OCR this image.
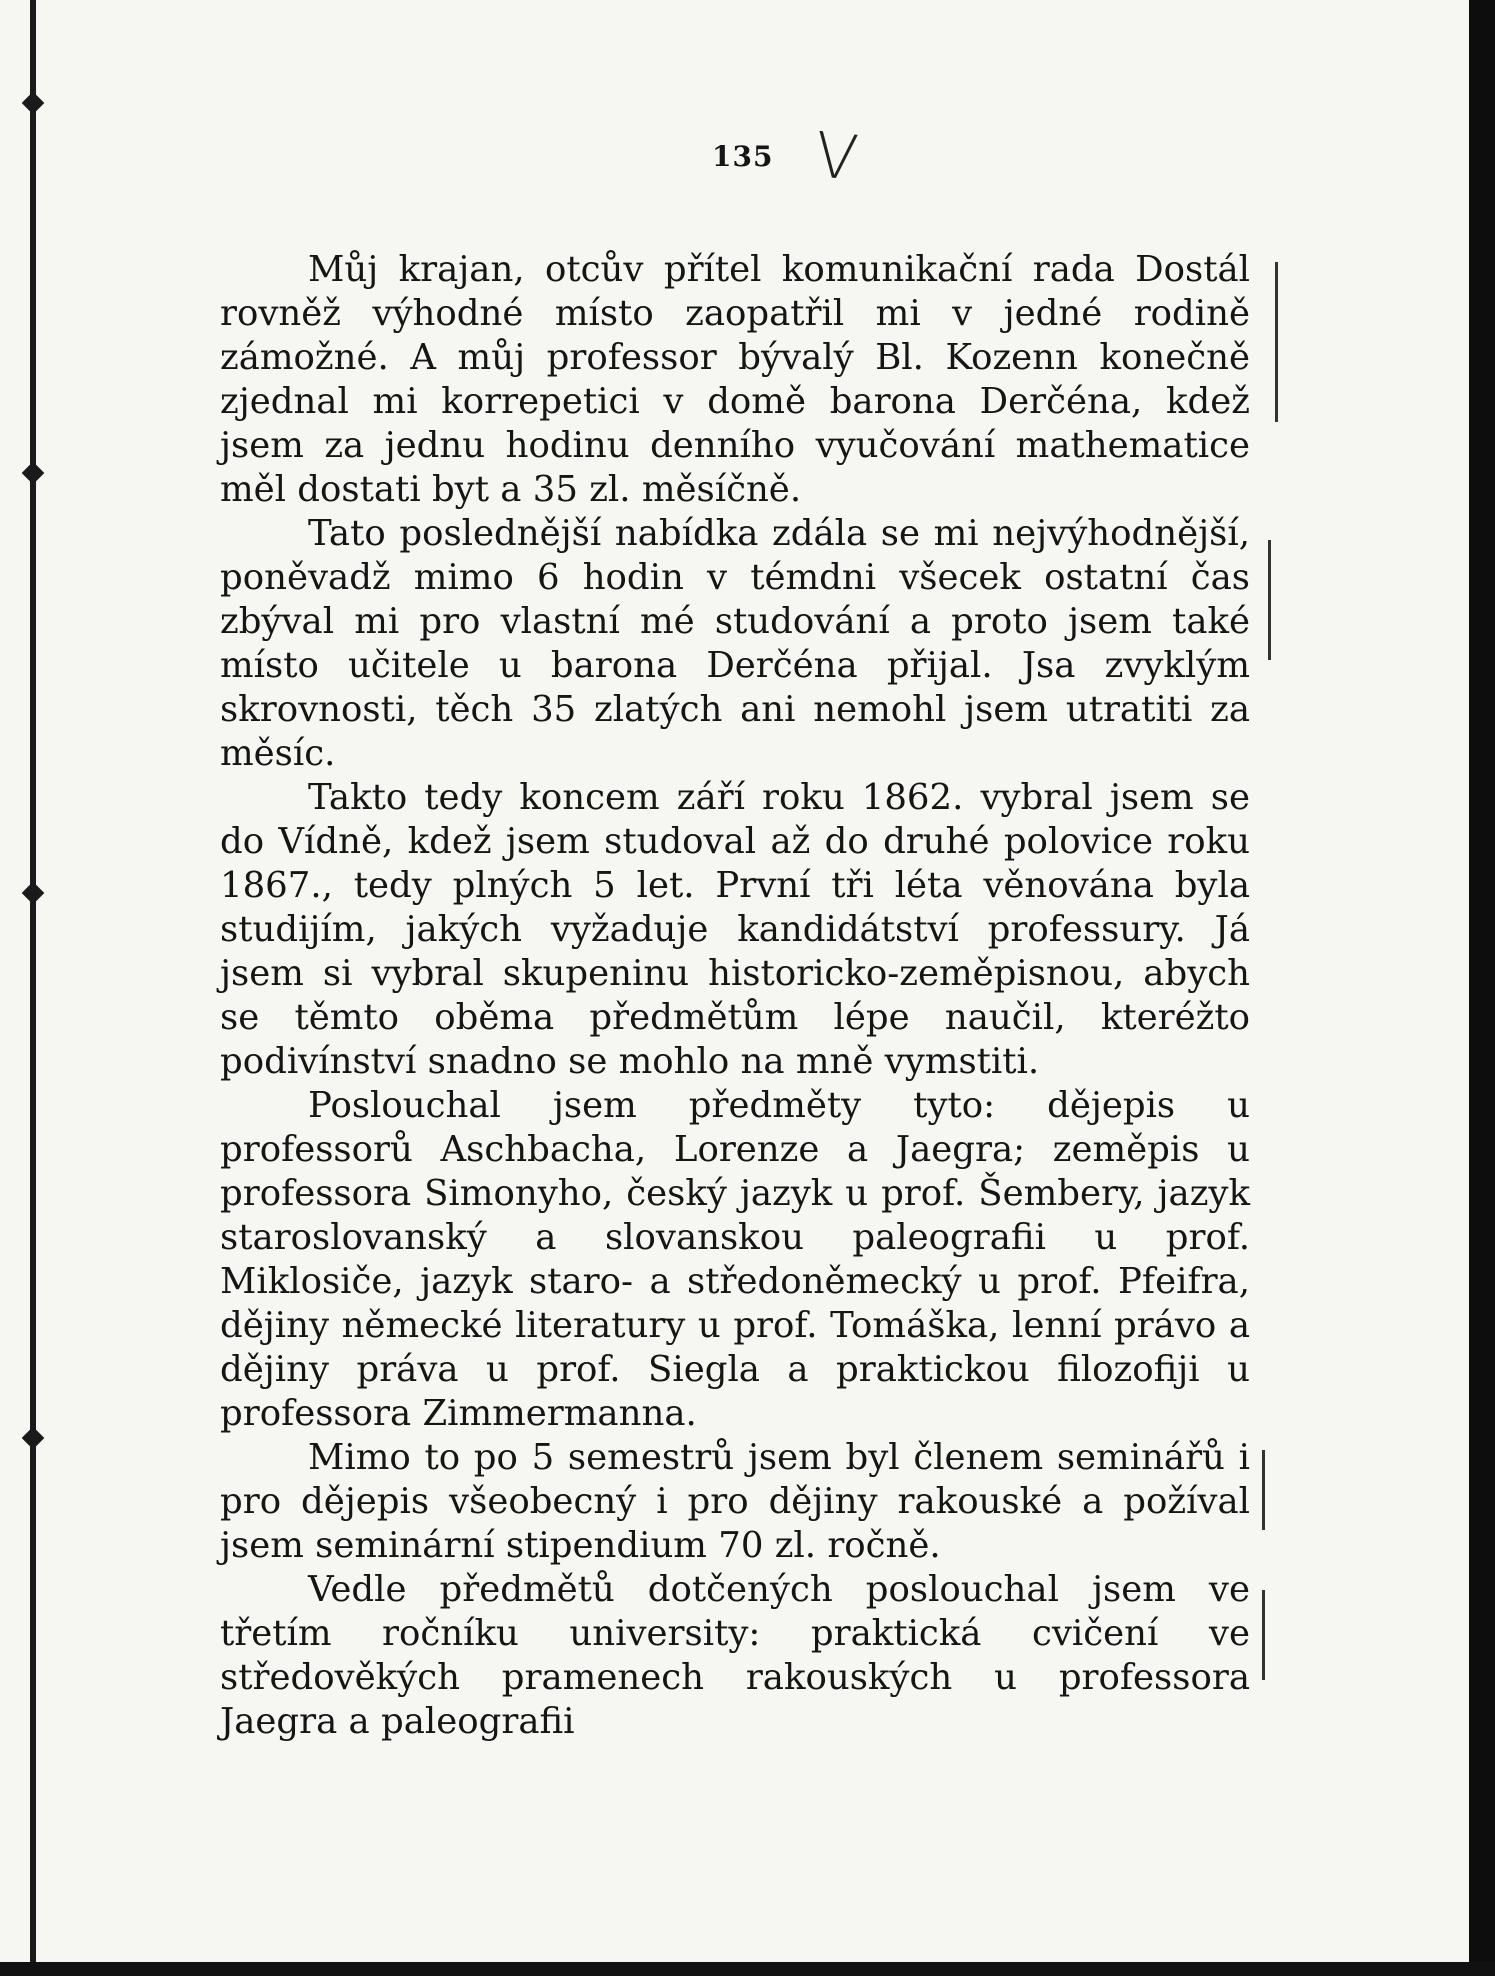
135 V

Můj krajan, otcův přítel komunikační rada Dostál rovněž výhodné místo zaopatřil mi v jedné rodině zámožné. A můj professor bývalý Bl. Kozenn konečně zjednal mi korrepetici v domě barona Derčéna, kdež jsem za jednu hodinu denního vyučování mathematice měl dostati byt a 35 zl. měsíčně.

Tato poslednější nabídka zdála se mi nejvýhodnější, poněvadž mimo 6 hodin v témdni všecek ostatní čas zbýval mi pro vlastní mé studování a proto jsem také místo učitele u barona Derčéna přijal. Jsa zvyklým skrovnosti, těch 35 zlatých ani nemohl jsem utratiti za měsíc.

Takto tedy koncem září roku 1862. vybral jsem se do Vídně, kdež jsem studoval až do druhé polovice roku 1867., tedy plných 5 let. První tři léta věnována byla studijím, jakých vyžaduje kandidátství professury. Já jsem si vybral skupeninu historicko-zeměpisnou, abych se těmto oběma předmětům lépe naučil, kteréžto podivínství snadno se mohlo na mně vymstiti.

Poslouchal jsem předměty tyto: dějepis u professorů Aschbacha, Lorenze a Jaegra; zeměpis u professora Simonyho, český jazyk u prof. Šembery, jazyk staroslovanský a slovanskou paleografii u prof. Miklosiče, jazyk staro- a středoněmecký u prof. Pfeifra, dějiny německé literatury u prof. Tomáška, lenní právo a dějiny práva u prof. Siegla a praktickou filozofiji u professora Zimmermanna.

Mimo to po 5 semestrů jsem byl členem seminářů i pro dějepis všeobecný i pro dějiny rakouské a požíval jsem seminární stipendium 70 zl. ročně.

Vedle předmětů dotčených poslouchal jsem ve třetím ročníku university: praktická cvičení ve středověkých pramenech rakouských u professora Jaegra a paleografii
